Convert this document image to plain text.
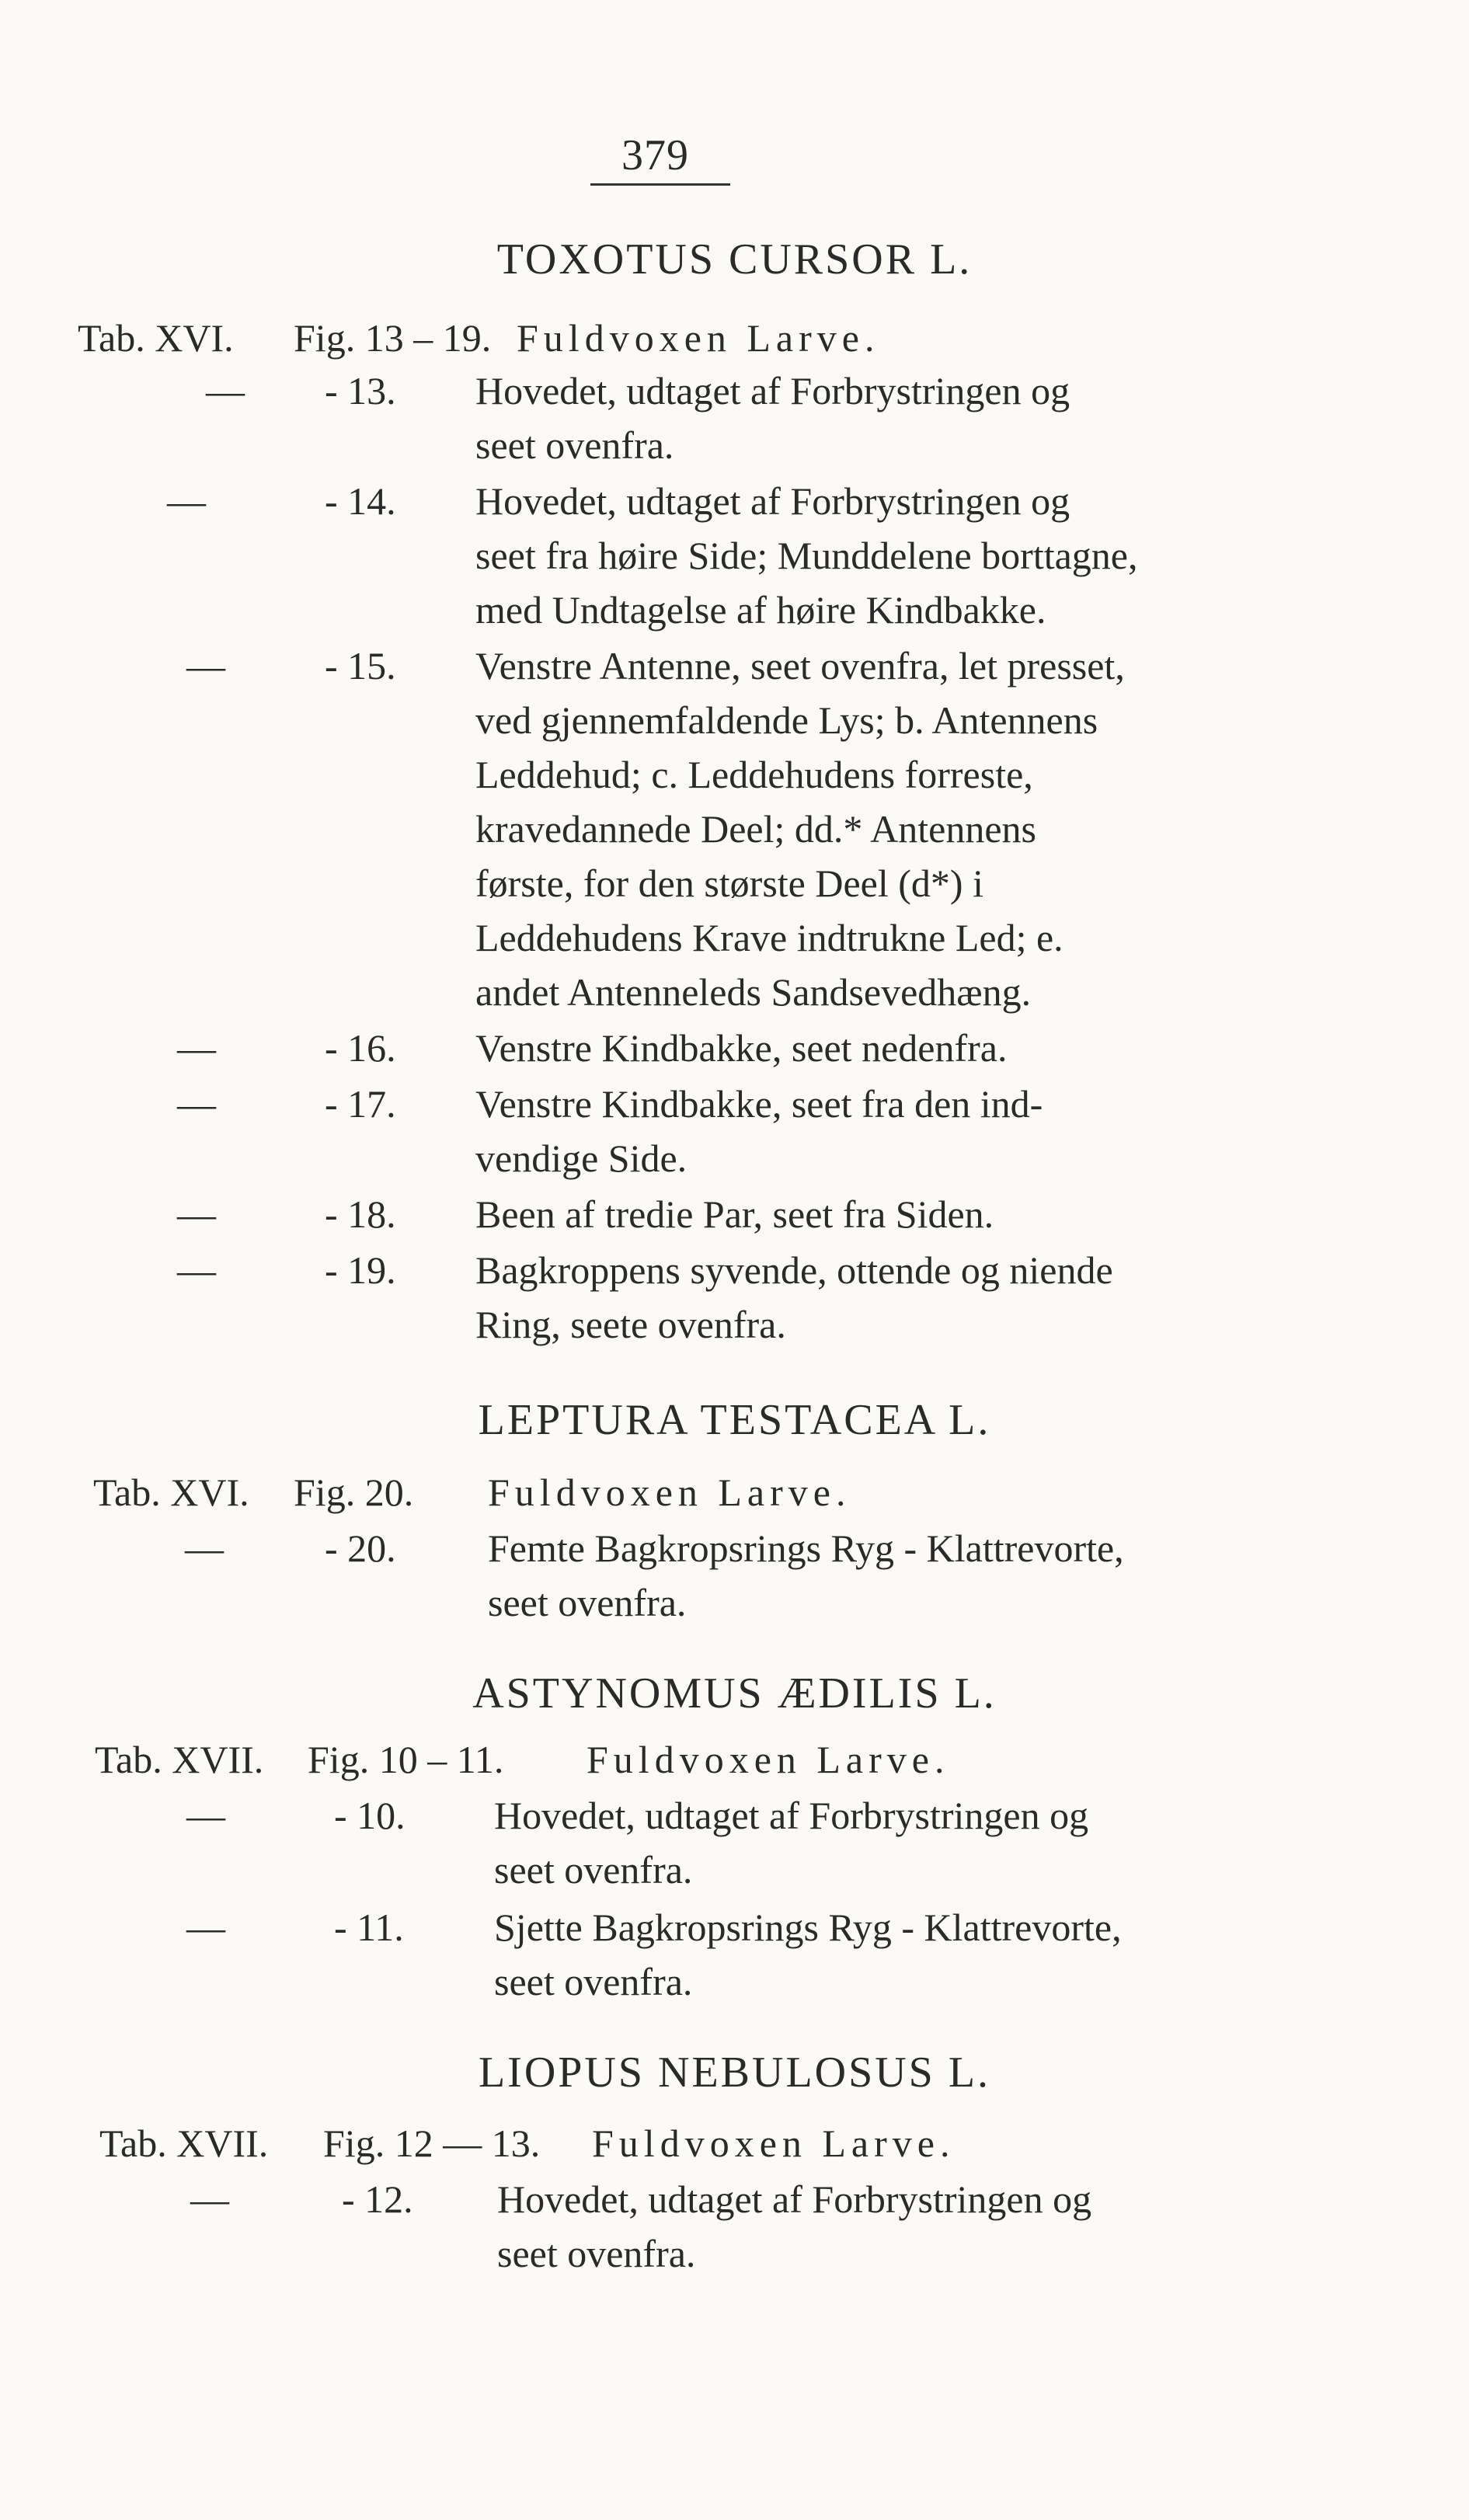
379
TOXOTUS CURSOR L.
Tab. XVI. Fig. 13 – 19. Fuldvoxen Larve.
— - 13. Hovedet, udtaget af Forbrystringen og
seet ovenfra.
—	- 14. Hovedet, udtaget af Forbrystringen og
seet fra høire Side; Munddelene borttagne,
med Undtagelse af høire Kindbakke.
—	- 15. Venstre Antenne, seet ovenfra, let presset,
ved gjennemfaldende Lys; b. Antennens
Leddehud; c. Leddehudens forreste,
kravedannede Deel; dd.* Antennens
første, for den største Deel (d*) i
Leddehudens Krave indtrukne Led; e.
andet Antenneleds Sandsevedhæng.
—	- 16. Venstre Kindbakke, seet nedenfra.
—	- 17. Venstre Kindbakke, seet fra den ind-
vendige Side.
—	- 18. Been af tredie Par, seet fra Siden.
—	- 19. Bagkroppens syvende, ottende og niende
Ring, seete ovenfra.
LEPTURA TESTACEA L.
Tab. XVI. Fig. 20. Fuldvoxen Larve.
—	- 20. Femte Bagkropsrings Ryg - Klattrevorte,
seet ovenfra.
ASTYNOMUS ÆDILIS L.
Tab. XVII. Fig. 10 – 11. Fuldvoxen Larve.
—	- 10. Hovedet, udtaget af Forbrystringen og
seet ovenfra.
—	- 11. Sjette Bagkropsrings Ryg - Klattrevorte,
seet ovenfra.
LIOPUS NEBULOSUS L.
Tab. XVII. Fig. 12 — 13. Fuldvoxen Larve.
—	- 12. Hovedet, udtaget af Forbrystringen og
seet ovenfra.
